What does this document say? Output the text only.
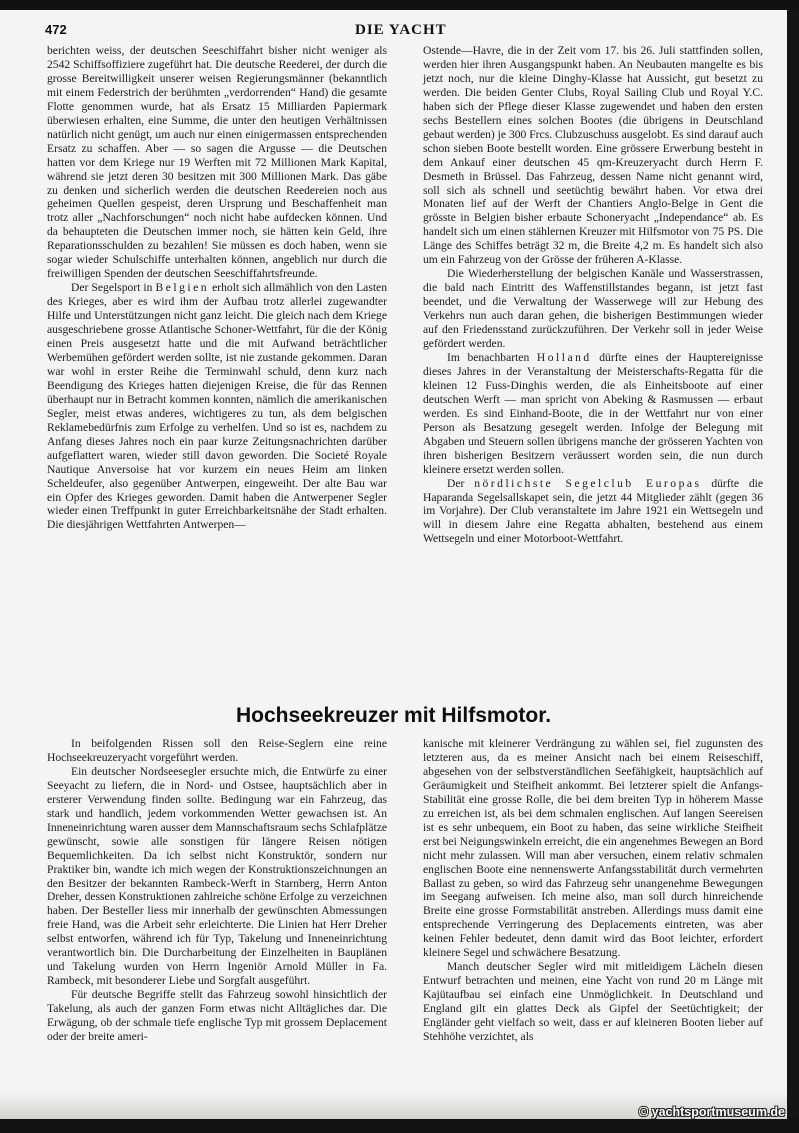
472	DIE YACHT

berichten weiss, der deutschen Seeschiffahrt bisher nicht weniger als 2542 Schiffsoffiziere zugeführt hat. Die deutsche Reederei, der durch die grosse Bereitwilligkeit unserer weisen Regierungsmänner (bekanntlich mit einem Federstrich der berühmten „verdorrenden“ Hand) die gesamte Flotte genommen wurde, hat als Ersatz 15 Milliarden Papiermark überwiesen erhalten, eine Summe, die unter den heutigen Verhältnissen natürlich nicht genügt, um auch nur einen einigermassen entsprechenden Ersatz zu schaffen. Aber — so sagen die Argusse — die Deutschen hatten vor dem Kriege nur 19 Werften mit 72 Millionen Mark Kapital, während sie jetzt deren 30 besitzen mit 300 Millionen Mark. Das gäbe zu denken und sicherlich werden die deutschen Reedereien noch aus geheimen Quellen gespeist, deren Ursprung und Beschaffenheit man trotz aller „Nachforschungen“ noch nicht habe aufdecken können. Und da behaupteten die Deutschen immer noch, sie hätten kein Geld, ihre Reparationsschulden zu bezahlen! Sie müssen es doch haben, wenn sie sogar wieder Schulschiffe unterhalten können, angeblich nur durch die freiwilligen Spenden der deutschen Seeschiffahrtsfreunde.

Der Segelsport in Belgien erholt sich allmählich von den Lasten des Krieges, aber es wird ihm der Aufbau trotz allerlei zugewandter Hilfe und Unterstützungen nicht ganz leicht. Die gleich nach dem Kriege ausgeschriebene grosse Atlantische Schoner-Wettfahrt, für die der König einen Preis ausgesetzt hatte und die mit Aufwand beträchtlicher Werbemühen gefördert werden sollte, ist nie zustande gekommen. Daran war wohl in erster Reihe die Terminwahl schuld, denn kurz nach Beendigung des Krieges hatten diejenigen Kreise, die für das Rennen überhaupt nur in Betracht kommen konnten, nämlich die amerikanischen Segler, meist etwas anderes, wichtigeres zu tun, als dem belgischen Reklamebedürfnis zum Erfolge zu verhelfen. Und so ist es, nachdem zu Anfang dieses Jahres noch ein paar kurze Zeitungsnachrichten darüber aufgeflattert waren, wieder still davon geworden. Die Societé Royale Nautique Anversoise hat vor kurzem ein neues Heim am linken Scheldeufer, also gegenüber Antwerpen, eingeweiht. Der alte Bau war ein Opfer des Krieges geworden. Damit haben die Antwerpener Segler wieder einen Treffpunkt in guter Erreichbarkeitsnähe der Stadt erhalten. Die diesjährigen Wettfahrten Antwerpen—

Ostende—Havre, die in der Zeit vom 17. bis 26. Juli stattfinden sollen, werden hier ihren Ausgangspunkt haben. An Neubauten mangelte es bis jetzt noch, nur die kleine Dinghy-Klasse hat Aussicht, gut besetzt zu werden. Die beiden Genter Clubs, Royal Sailing Club und Royal Y.C. haben sich der Pflege dieser Klasse zugewendet und haben den ersten sechs Bestellern eines solchen Bootes (die übrigens in Deutschland gebaut werden) je 300 Frcs. Clubzuschuss ausgelobt. Es sind darauf auch schon sieben Boote bestellt worden. Eine grössere Erwerbung besteht in dem Ankauf einer deutschen 45 qm-Kreuzeryacht durch Herrn F. Desmeth in Brüssel. Das Fahrzeug, dessen Name nicht genannt wird, soll sich als schnell und seetüchtig bewährt haben. Vor etwa drei Monaten lief auf der Werft der Chantiers Anglo-Belge in Gent die grösste in Belgien bisher erbaute Schoneryacht „Independance“ ab. Es handelt sich um einen stählernen Kreuzer mit Hilfsmotor von 75 PS. Die Länge des Schiffes beträgt 32 m, die Breite 4,2 m. Es handelt sich also um ein Fahrzeug von der Grösse der früheren A-Klasse.

Die Wiederherstellung der belgischen Kanäle und Wasserstrassen, die bald nach Eintritt des Waffenstillstandes begann, ist jetzt fast beendet, und die Verwaltung der Wasserwege will zur Hebung des Verkehrs nun auch daran gehen, die bisherigen Bestimmungen wieder auf den Friedensstand zurückzuführen. Der Verkehr soll in jeder Weise gefördert werden.

Im benachbarten Holland dürfte eines der Hauptereignisse dieses Jahres in der Veranstaltung der Meisterschafts-Regatta für die kleinen 12 Fuss-Dinghis werden, die als Einheitsboote auf einer deutschen Werft — man spricht von Abeking & Rasmussen — erbaut werden. Es sind Einhand-Boote, die in der Wettfahrt nur von einer Person als Besatzung gesegelt werden. Infolge der Belegung mit Abgaben und Steuern sollen übrigens manche der grösseren Yachten von ihren bisherigen Besitzern veräussert worden sein, die nun durch kleinere ersetzt werden sollen.

Der nördlichste Segelclub Europas dürfte die Haparanda Segelsallskapet sein, die jetzt 44 Mitglieder zählt (gegen 36 im Vorjahre). Der Club veranstaltete im Jahre 1921 ein Wettsegeln und will in diesem Jahre eine Regatta abhalten, bestehend aus einem Wettsegeln und einer Motorboot-Wettfahrt.

Hochseekreuzer mit Hilfsmotor.

In beifolgenden Rissen soll den Reise-Seglern eine reine Hochseekreuzeryacht vorgeführt werden.

Ein deutscher Nordseesegler ersuchte mich, die Entwürfe zu einer Seeyacht zu liefern, die in Nord- und Ostsee, hauptsächlich aber in ersterer Verwendung finden sollte. Bedingung war ein Fahrzeug, das stark und handlich, jedem vorkommenden Wetter gewachsen ist. An Inneneinrichtung waren ausser dem Mannschaftsraum sechs Schlafplätze gewünscht, sowie alle sonstigen für längere Reisen nötigen Bequemlichkeiten. Da ich selbst nicht Konstruktör, sondern nur Praktiker bin, wandte ich mich wegen der Konstruktionszeichnungen an den Besitzer der bekannten Rambeck-Werft in Starnberg, Herrn Anton Dreher, dessen Konstruktionen zahlreiche schöne Erfolge zu verzeichnen haben. Der Besteller liess mir innerhalb der gewünschten Abmessungen freie Hand, was die Arbeit sehr erleichterte. Die Linien hat Herr Dreher selbst entworfen, während ich für Typ, Takelung und Inneneinrichtung verantwortlich bin. Die Durcharbeitung der Einzelheiten in Bauplänen und Takelung wurden von Herrn Ingeniör Arnold Müller in Fa. Rambeck, mit besonderer Liebe und Sorgfalt ausgeführt.

Für deutsche Begriffe stellt das Fahrzeug sowohl hinsichtlich der Takelung, als auch der ganzen Form etwas nicht Alltägliches dar. Die Erwägung, ob der schmale tiefe englische Typ mit grossem Deplacement oder der breite ameri-

kanische mit kleinerer Verdrängung zu wählen sei, fiel zugunsten des letzteren aus, da es meiner Ansicht nach bei einem Reiseschiff, abgesehen von der selbstverständlichen Seefähigkeit, hauptsächlich auf Geräumigkeit und Steifheit ankommt. Bei letzterer spielt die Anfangs-Stabilität eine grosse Rolle, die bei dem breiten Typ in höherem Masse zu erreichen ist, als bei dem schmalen englischen. Auf langen Seereisen ist es sehr unbequem, ein Boot zu haben, das seine wirkliche Steifheit erst bei Neigungswinkeln erreicht, die ein angenehmes Bewegen an Bord nicht mehr zulassen. Will man aber versuchen, einem relativ schmalen englischen Boote eine nennenswerte Anfangsstabilität durch vermehrten Ballast zu geben, so wird das Fahrzeug sehr unangenehme Bewegungen im Seegang aufweisen. Ich meine also, man soll durch hinreichende Breite eine grosse Formstabilität anstreben. Allerdings muss damit eine entsprechende Verringerung des Deplacements eintreten, was aber keinen Fehler bedeutet, denn damit wird das Boot leichter, erfordert kleinere Segel und schwächere Besatzung.

Manch deutscher Segler wird mit mitleidigem Lächeln diesen Entwurf betrachten und meinen, eine Yacht von rund 20 m Länge mit Kajütaufbau sei einfach eine Unmöglichkeit. In Deutschland und England gilt ein glattes Deck als Gipfel der Seetüchtigkeit; der Engländer geht vielfach so weit, dass er auf kleineren Booten lieber auf Stehhöhe verzichtet, als

© yachtsportmuseum.de
